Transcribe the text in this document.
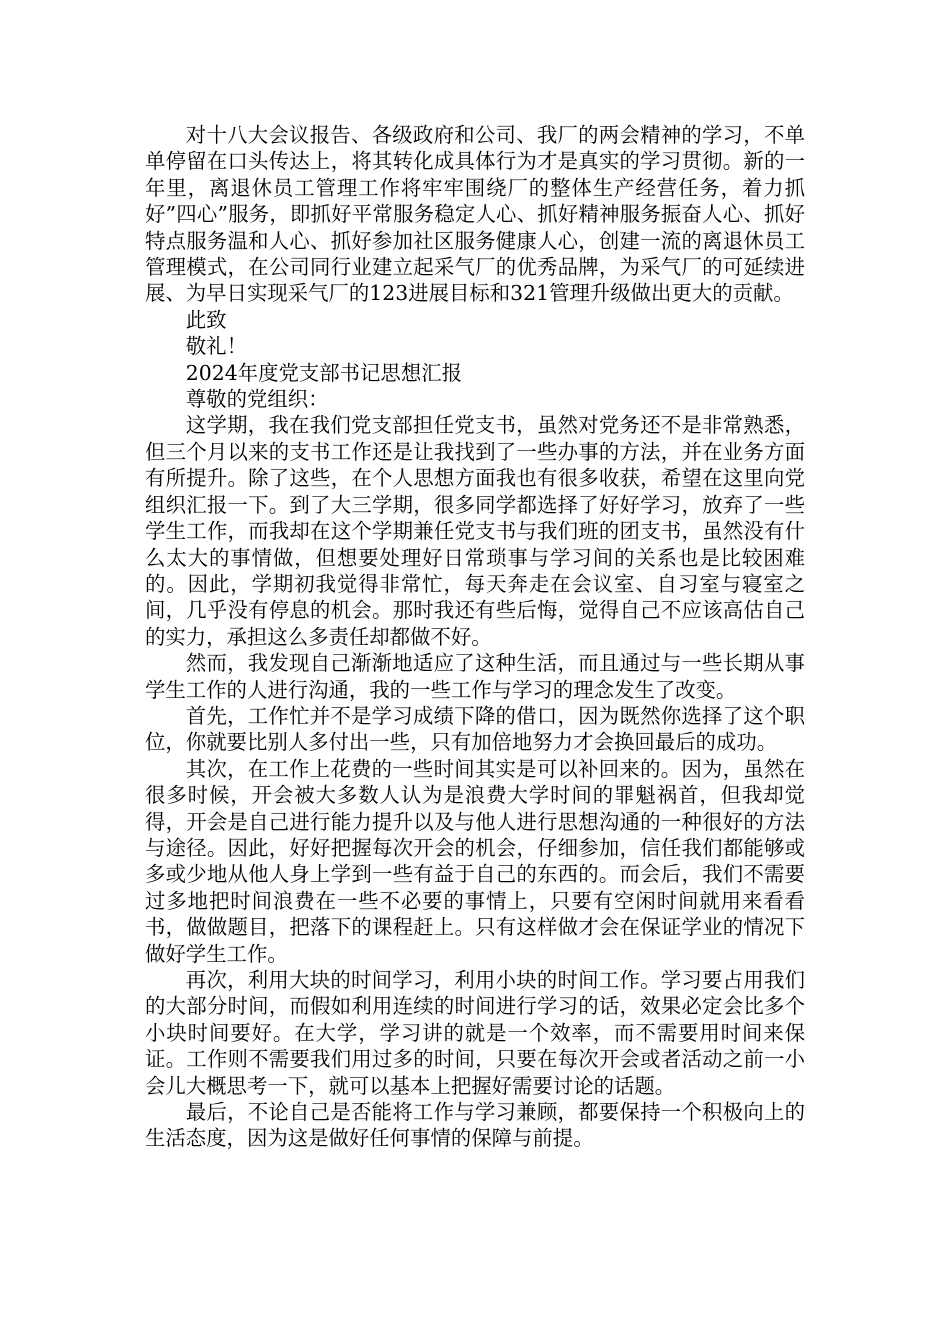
对十八大会议报告、各级政府和公司、我厂的两会精神的学习，不单单停留在口头传达上，将其转化成具体行为才是真实的学习贯彻。新的一年里，离退休员工管理工作将牢牢围绕厂的整体生产经营任务，着力抓好”四心”服务，即抓好平常服务稳定人心、抓好精神服务振奋人心、抓好特点服务温和人心、抓好参加社区服务健康人心，创建一流的离退休员工管理模式，在公司同行业建立起采气厂的优秀品牌，为采气厂的可延续进展、为早日实现采气厂的123进展目标和321管理升级做出更大的贡献。

此致

敬礼！

2024年度党支部书记思想汇报

尊敬的党组织：

这学期，我在我们党支部担任党支书，虽然对党务还不是非常熟悉，但三个月以来的支书工作还是让我找到了一些办事的方法，并在业务方面有所提升。除了这些，在个人思想方面我也有很多收获，希望在这里向党组织汇报一下。到了大三学期，很多同学都选择了好好学习，放弃了一些学生工作，而我却在这个学期兼任党支书与我们班的团支书，虽然没有什么太大的事情做，但想要处理好日常琐事与学习间的关系也是比较困难的。因此，学期初我觉得非常忙，每天奔走在会议室、自习室与寝室之间，几乎没有停息的机会。那时我还有些后悔，觉得自己不应该高估自己的实力，承担这么多责任却都做不好。

然而，我发现自己渐渐地适应了这种生活，而且通过与一些长期从事学生工作的人进行沟通，我的一些工作与学习的理念发生了改变。

首先，工作忙并不是学习成绩下降的借口，因为既然你选择了这个职位，你就要比别人多付出一些，只有加倍地努力才会换回最后的成功。

其次，在工作上花费的一些时间其实是可以补回来的。因为，虽然在很多时候，开会被大多数人认为是浪费大学时间的罪魁祸首，但我却觉得，开会是自己进行能力提升以及与他人进行思想沟通的一种很好的方法与途径。因此，好好把握每次开会的机会，仔细参加，信任我们都能够或多或少地从他人身上学到一些有益于自己的东西的。而会后，我们不需要过多地把时间浪费在一些不必要的事情上，只要有空闲时间就用来看看书，做做题目，把落下的课程赶上。只有这样做才会在保证学业的情况下做好学生工作。

再次，利用大块的时间学习，利用小块的时间工作。学习要占用我们的大部分时间，而假如利用连续的时间进行学习的话，效果必定会比多个小块时间要好。在大学，学习讲的就是一个效率，而不需要用时间来保证。工作则不需要我们用过多的时间，只要在每次开会或者活动之前一小会儿大概思考一下，就可以基本上把握好需要讨论的话题。

最后，不论自己是否能将工作与学习兼顾，都要保持一个积极向上的生活态度，因为这是做好任何事情的保障与前提。
